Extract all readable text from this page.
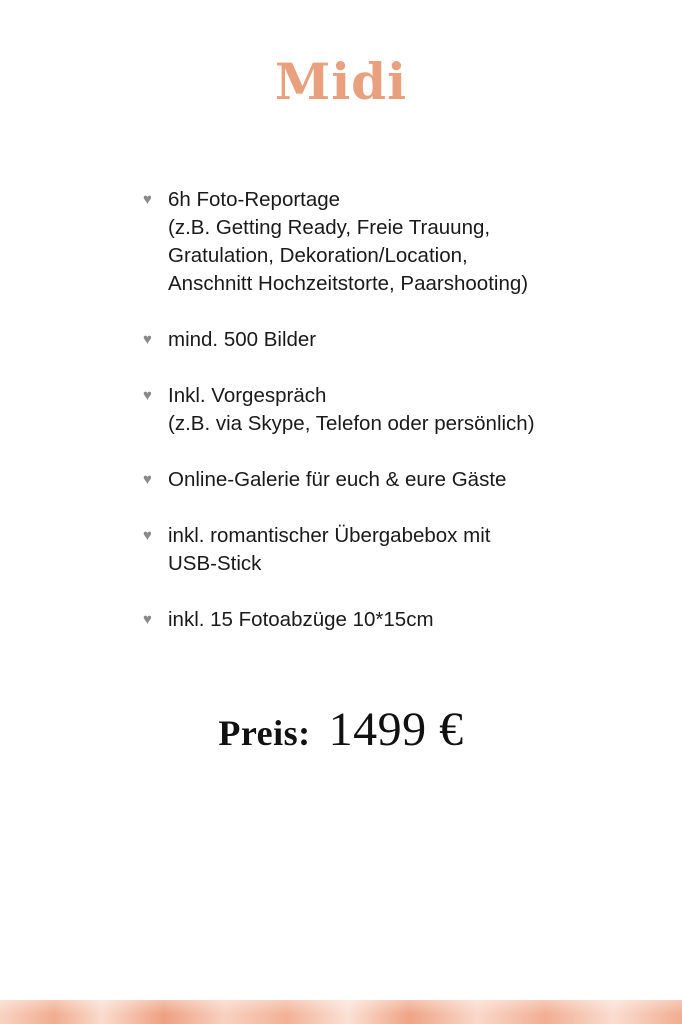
Midi
♥ 6h Foto-Reportage
(z.B. Getting Ready, Freie Trauung,
Gratulation, Dekoration/Location,
Anschnitt Hochzeitstorte, Paarshooting)
♥ mind. 500 Bilder
♥ Inkl. Vorgespräch
(z.B. via Skype, Telefon oder persönlich)
♥ Online-Galerie für euch & eure Gäste
♥ inkl. romantischer Übergabebox mit
USB-Stick
♥ inkl. 15 Fotoabzüge 10*15cm
Preis: 1499 €
